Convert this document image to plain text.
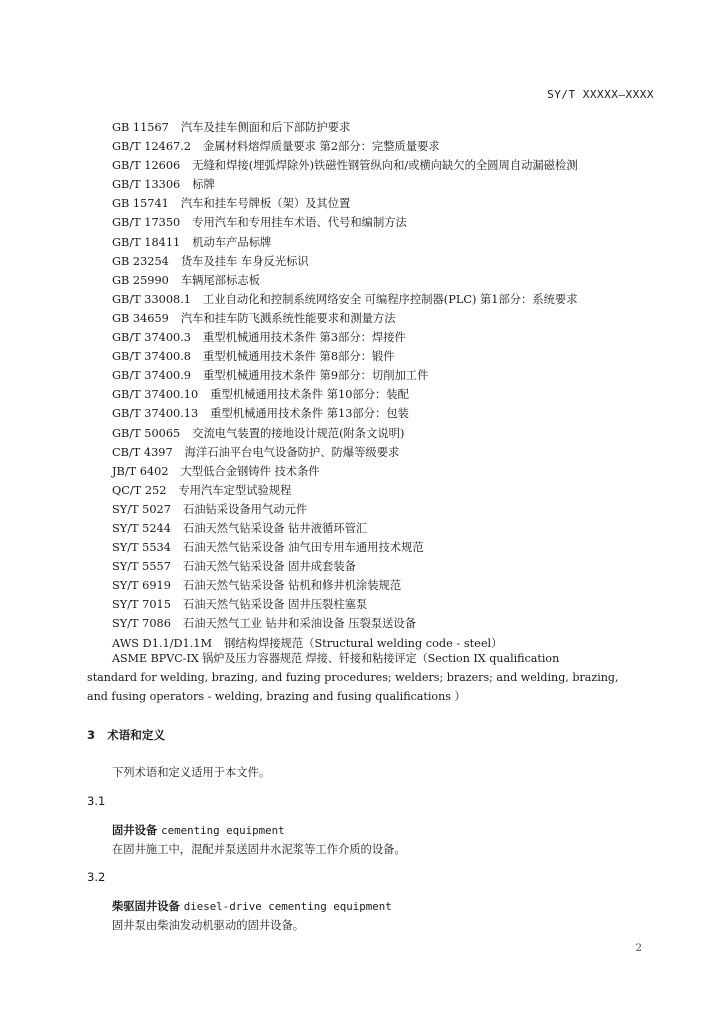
SY/T XXXXX—XXXX
GB 11567 汽车及挂车侧面和后下部防护要求
GB/T 12467.2 金属材料熔焊质量要求 第2部分：完整质量要求
GB/T 12606 无缝和焊接(埋弧焊除外)铁磁性钢管纵向和/或横向缺欠的全圆周自动漏磁检测
GB/T 13306 标牌
GB 15741 汽车和挂车号牌板（架）及其位置
GB/T 17350 专用汽车和专用挂车术语、代号和编制方法
GB/T 18411 机动车产品标牌
GB 23254 货车及挂车 车身反光标识
GB 25990 车辆尾部标志板
GB/T 33008.1 工业自动化和控制系统网络安全 可编程序控制器(PLC) 第1部分：系统要求
GB 34659 汽车和挂车防飞溅系统性能要求和测量方法
GB/T 37400.3 重型机械通用技术条件 第3部分：焊接件
GB/T 37400.8 重型机械通用技术条件 第8部分：锻件
GB/T 37400.9 重型机械通用技术条件 第9部分：切削加工件
GB/T 37400.10 重型机械通用技术条件 第10部分：装配
GB/T 37400.13 重型机械通用技术条件 第13部分：包装
GB/T 50065 交流电气装置的接地设计规范(附条文说明)
CB/T 4397 海洋石油平台电气设备防护、防爆等级要求
JB/T 6402 大型低合金钢铸件 技术条件
QC/T 252 专用汽车定型试验规程
SY/T 5027 石油钻采设备用气动元件
SY/T 5244 石油天然气钻采设备 钻井液循环管汇
SY/T 5534 石油天然气钻采设备 油气田专用车通用技术规范
SY/T 5557 石油天然气钻采设备 固井成套装备
SY/T 6919 石油天然气钻采设备 钻机和修井机涂装规范
SY/T 7015 石油天然气钻采设备 固井压裂柱塞泵
SY/T 7086 石油天然气工业 钻井和采油设备 压裂泵送设备
AWS D1.1/D1.1M 钢结构焊接规范（Structural welding code - steel）
ASME BPVC-IX 锅炉及压力容器规范 焊接、钎接和粘接评定（Section IX qualification
standard for welding, brazing, and fuzing procedures; welders; brazers; and welding, brazing,
and fusing operators - welding, brazing and fusing qualifications ）
3 术语和定义
下列术语和定义适用于本文件。
3.1
固井设备 cementing equipment
在固井施工中，混配并泵送固井水泥浆等工作介质的设备。
3.2
柴驱固井设备 diesel-drive cementing equipment
固井泵由柴油发动机驱动的固井设备。
2
